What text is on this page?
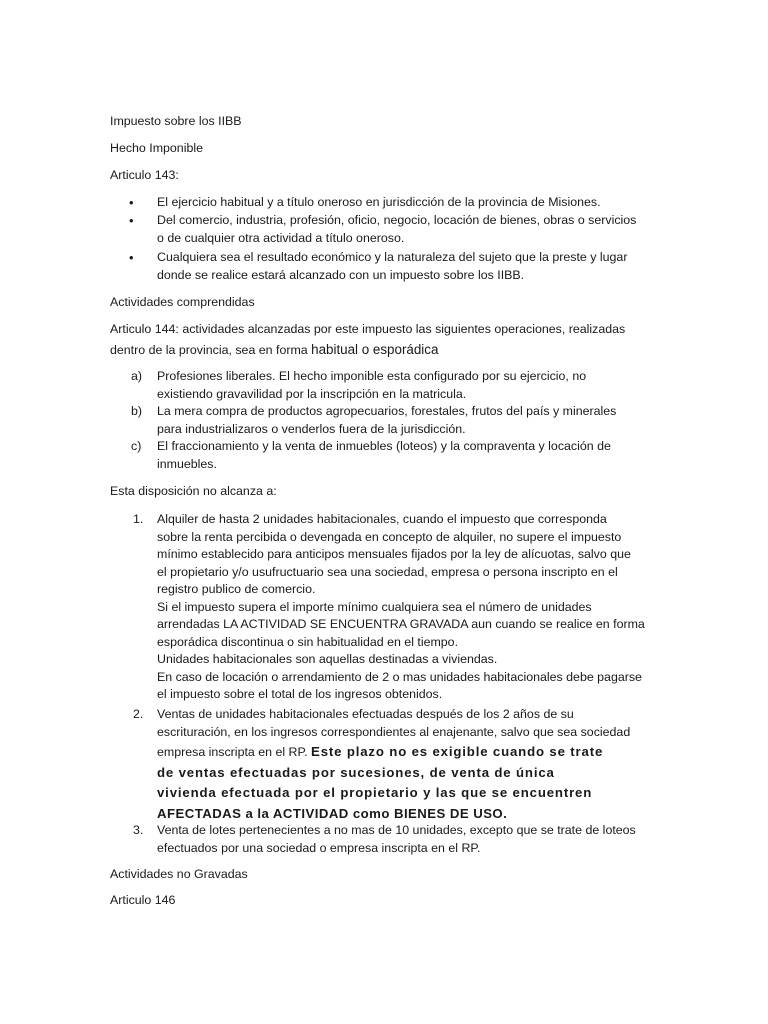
Impuesto sobre los IIBB

Hecho Imponible

Articulo 143:

• El ejercicio habitual y a título oneroso en jurisdicción de la provincia de Misiones.

• Del comercio, industria, profesión, oficio, negocio, locación de bienes, obras o servicios
o de cualquier otra actividad a título oneroso.

• Cualquiera sea el resultado económico y la naturaleza del sujeto que la preste y lugar
donde se realice estará alcanzado con un impuesto sobre los IIBB.

Actividades comprendidas

Articulo 144: actividades alcanzadas por este impuesto las siguientes operaciones, realizadas

dentro de la provincia, sea en forma habitual o esporádica

a) Profesiones liberales. El hecho imponible esta configurado por su ejercicio, no
existiendo gravavilidad por la inscripción en la matricula.

b) La mera compra de productos agropecuarios, forestales, frutos del país y minerales
para industrializaros o venderlos fuera de la jurisdicción.

c) El fraccionamiento y la venta de inmuebles (loteos) y la compraventa y locación de
inmuebles.

Esta disposición no alcanza a:

1. Alquiler de hasta 2 unidades habitacionales, cuando el impuesto que corresponda
sobre la renta percibida o devengada en concepto de alquiler, no supere el impuesto
mínimo establecido para anticipos mensuales fijados por la ley de alícuotas, salvo que
el propietario y/o usufructuario sea una sociedad, empresa o persona inscripto en el
registro publico de comercio.
Si el impuesto supera el importe mínimo cualquiera sea el número de unidades
arrendadas LA ACTIVIDAD SE ENCUENTRA GRAVADA aun cuando se realice en forma
esporádica discontinua o sin habitualidad en el tiempo.
Unidades habitacionales son aquellas destinadas a viviendas.
En caso de locación o arrendamiento de 2 o mas unidades habitacionales debe pagarse
el impuesto sobre el total de los ingresos obtenidos.

2. Ventas de unidades habitacionales efectuadas después de los 2 años de su
escrituración, en los ingresos correspondientes al enajenante, salvo que sea sociedad

empresa inscripta en el RP. Este plazo no es exigible cuando se trate

de ventas efectuadas por sucesiones, de venta de única
vivienda efectuada por el propietario y las que se encuentren
AFECTADAS a la ACTIVIDAD como BIENES DE USO.

3. Venta de lotes pertenecientes a no mas de 10 unidades, excepto que se trate de loteos
efectuados por una sociedad o empresa inscripta en el RP.

Actividades no Gravadas

Articulo 146
